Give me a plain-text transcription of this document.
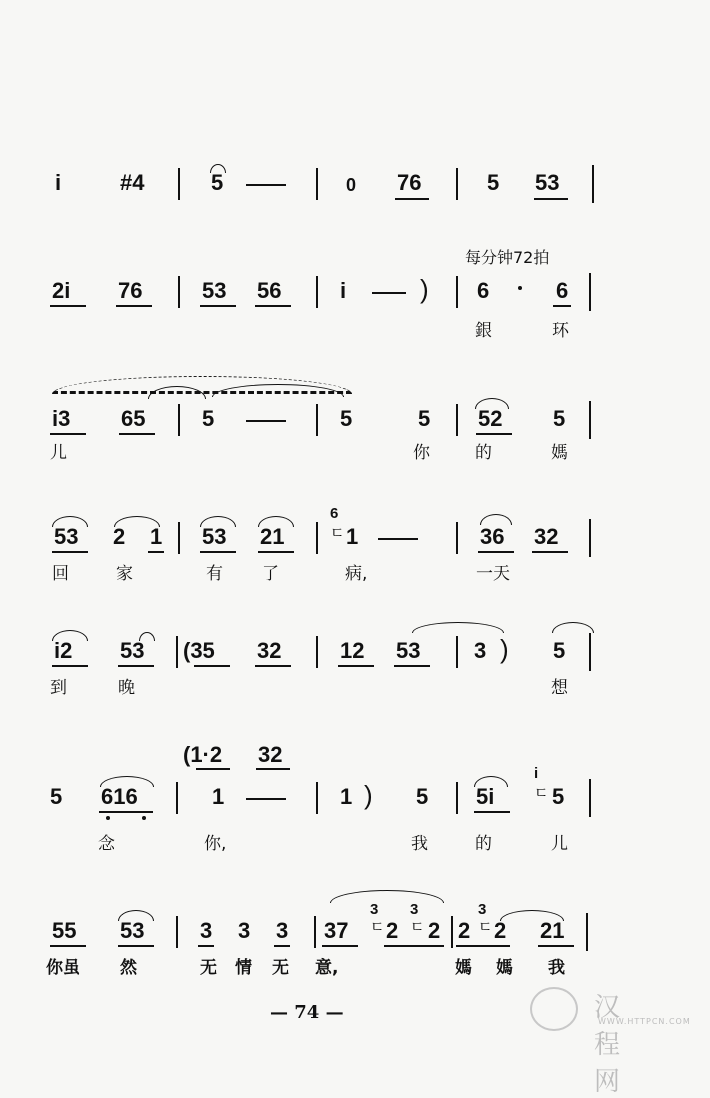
i	#4	5	0 76	5 53
每分钟72拍
2i 76	53 56	i	) 6	6
銀	环
i3 65	5	5	5 52 5
儿	你	的	媽
53 2 1 53 21
6
ㄷ 1	36 32
回	家	有 了	病,	一天
i2 53 (35 32	12 53 3 ) 5
到	晚	想
(1·2 32
5 616	1	1 ) 5 5i
i
ㄷ 5
念	你,	我	的	儿
55 53	3 3 3 37
3
ㄷ 2
3
ㄷ 2 2
3
ㄷ 2 21
你虽 然	无 情 无 意,	媽 媽 我
— 74 —	汉程网
WWW.HTTPCN.COM
